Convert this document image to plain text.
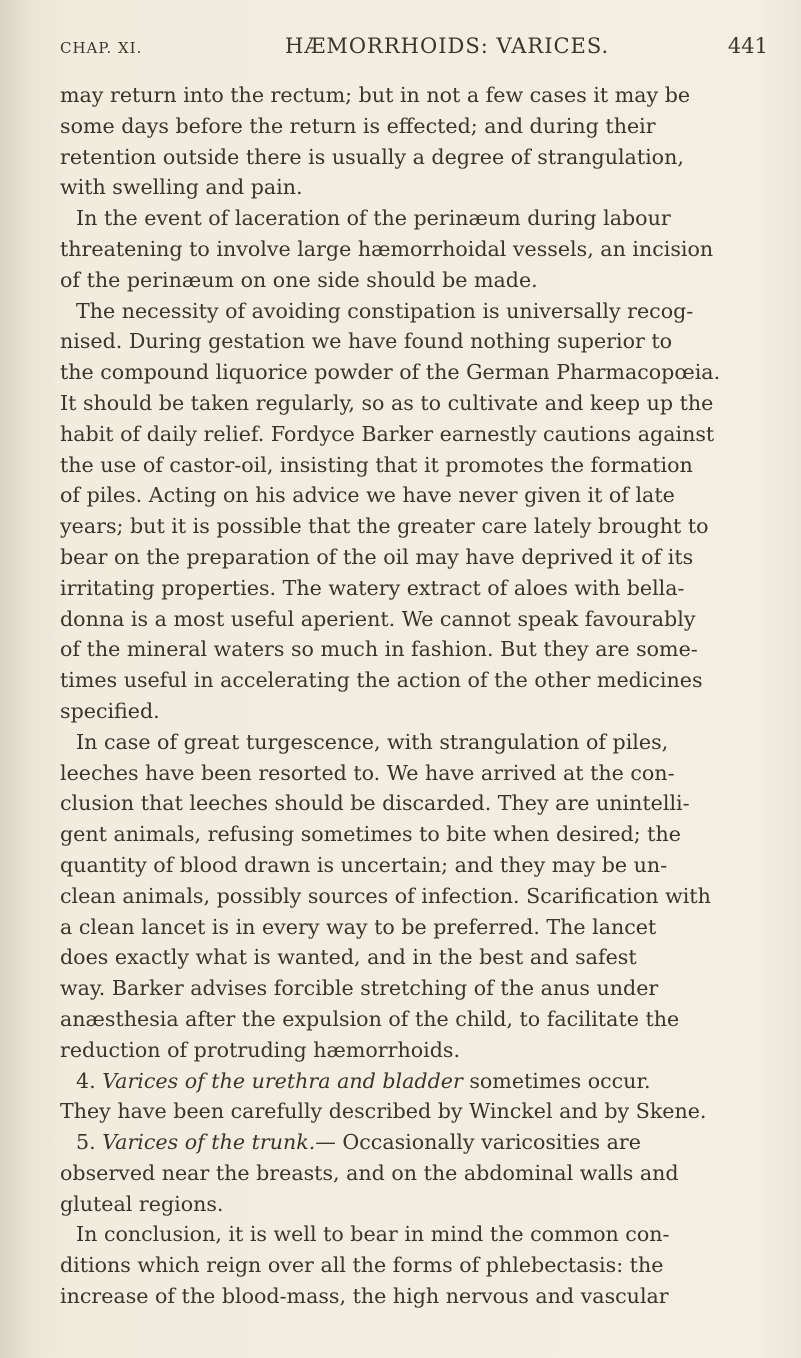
CHAP. XI.	HÆMORRHOIDS: VARICES.	441
may return into the rectum; but in not a few cases it may be
some days before the return is effected; and during their
retention outside there is usually a degree of strangulation,
with swelling and pain.
In the event of laceration of the perinæum during labour
threatening to involve large hæmorrhoidal vessels, an incision
of the perinæum on one side should be made.
The necessity of avoiding constipation is universally recog-
nised. During gestation we have found nothing superior to
the compound liquorice powder of the German Pharmacopœia.
It should be taken regularly, so as to cultivate and keep up the
habit of daily relief. Fordyce Barker earnestly cautions against
the use of castor-oil, insisting that it promotes the formation
of piles. Acting on his advice we have never given it of late
years; but it is possible that the greater care lately brought to
bear on the preparation of the oil may have deprived it of its
irritating properties. The watery extract of aloes with bella-
donna is a most useful aperient. We cannot speak favourably
of the mineral waters so much in fashion. But they are some-
times useful in accelerating the action of the other medicines
specified.
In case of great turgescence, with strangulation of piles,
leeches have been resorted to. We have arrived at the con-
clusion that leeches should be discarded. They are unintelli-
gent animals, refusing sometimes to bite when desired; the
quantity of blood drawn is uncertain; and they may be un-
clean animals, possibly sources of infection. Scarification with
a clean lancet is in every way to be preferred. The lancet
does exactly what is wanted, and in the best and safest
way. Barker advises forcible stretching of the anus under
anæsthesia after the expulsion of the child, to facilitate the
reduction of protruding hæmorrhoids.
4. Varices of the urethra and bladder sometimes occur.
They have been carefully described by Winckel and by Skene.
5. Varices of the trunk.— Occasionally varicosities are
observed near the breasts, and on the abdominal walls and
gluteal regions.
In conclusion, it is well to bear in mind the common con-
ditions which reign over all the forms of phlebectasis: the
increase of the blood-mass, the high nervous and vascular
